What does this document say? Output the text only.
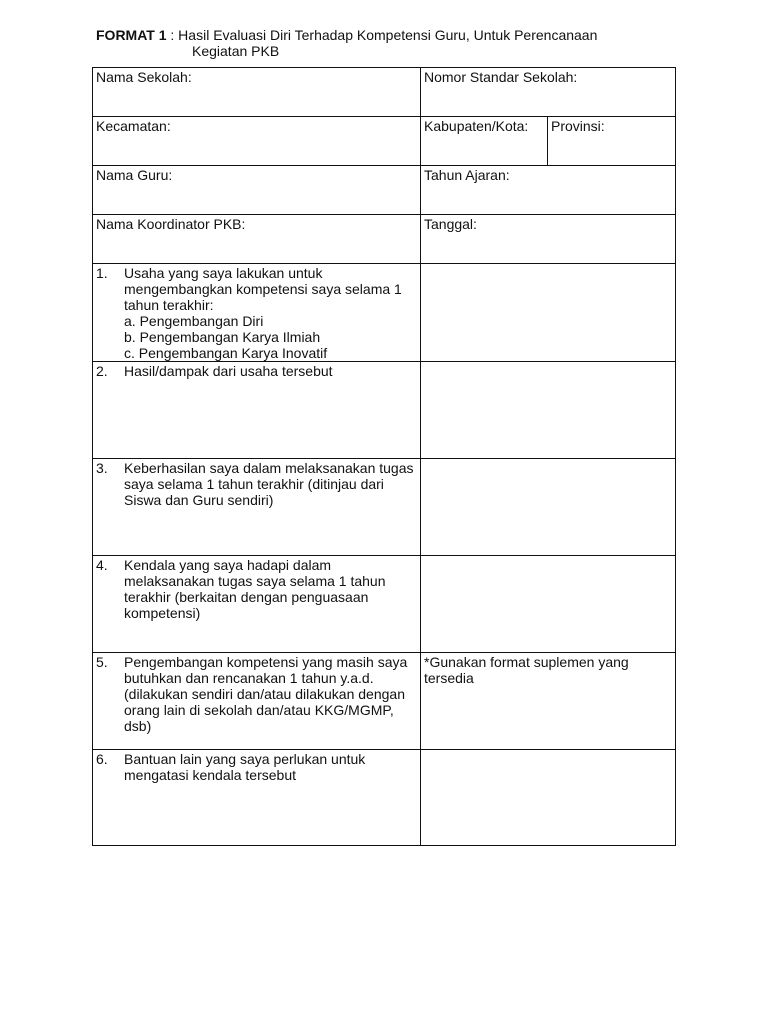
FORMAT 1 : Hasil Evaluasi Diri Terhadap Kompetensi Guru, Untuk Perencanaan
Kegiatan PKB
Nama Sekolah:	Nomor Standar Sekolah:	
Kecamatan:	Kabupaten/Kota:	Provinsi:
Nama Guru:	Tahun Ajaran:	
Nama Koordinator PKB:	Tanggal:	

1. Usaha yang saya lakukan untuk mengembangkan kompetensi saya selama 1 tahun terakhir:
a. Pengembangan Diri
b. Pengembangan Karya Ilmiah
c. Pengembangan Karya Inovatif		

2. Hasil/dampak dari usaha tersebut		

3. Keberhasilan saya dalam melaksanakan tugas saya selama 1 tahun terakhir (ditinjau dari Siswa dan Guru sendiri)		

4. Kendala yang saya hadapi dalam melaksanakan tugas saya selama 1 tahun terakhir (berkaitan dengan penguasaan kompetensi)		

5. Pengembangan kompetensi yang masih saya butuhkan dan rencanakan 1 tahun y.a.d. (dilakukan sendiri dan/atau dilakukan dengan orang lain di sekolah dan/atau KKG/MGMP, dsb)	*Gunakan format suplemen yang tersedia	

6. Bantuan lain yang saya perlukan untuk mengatasi kendala tersebut		
